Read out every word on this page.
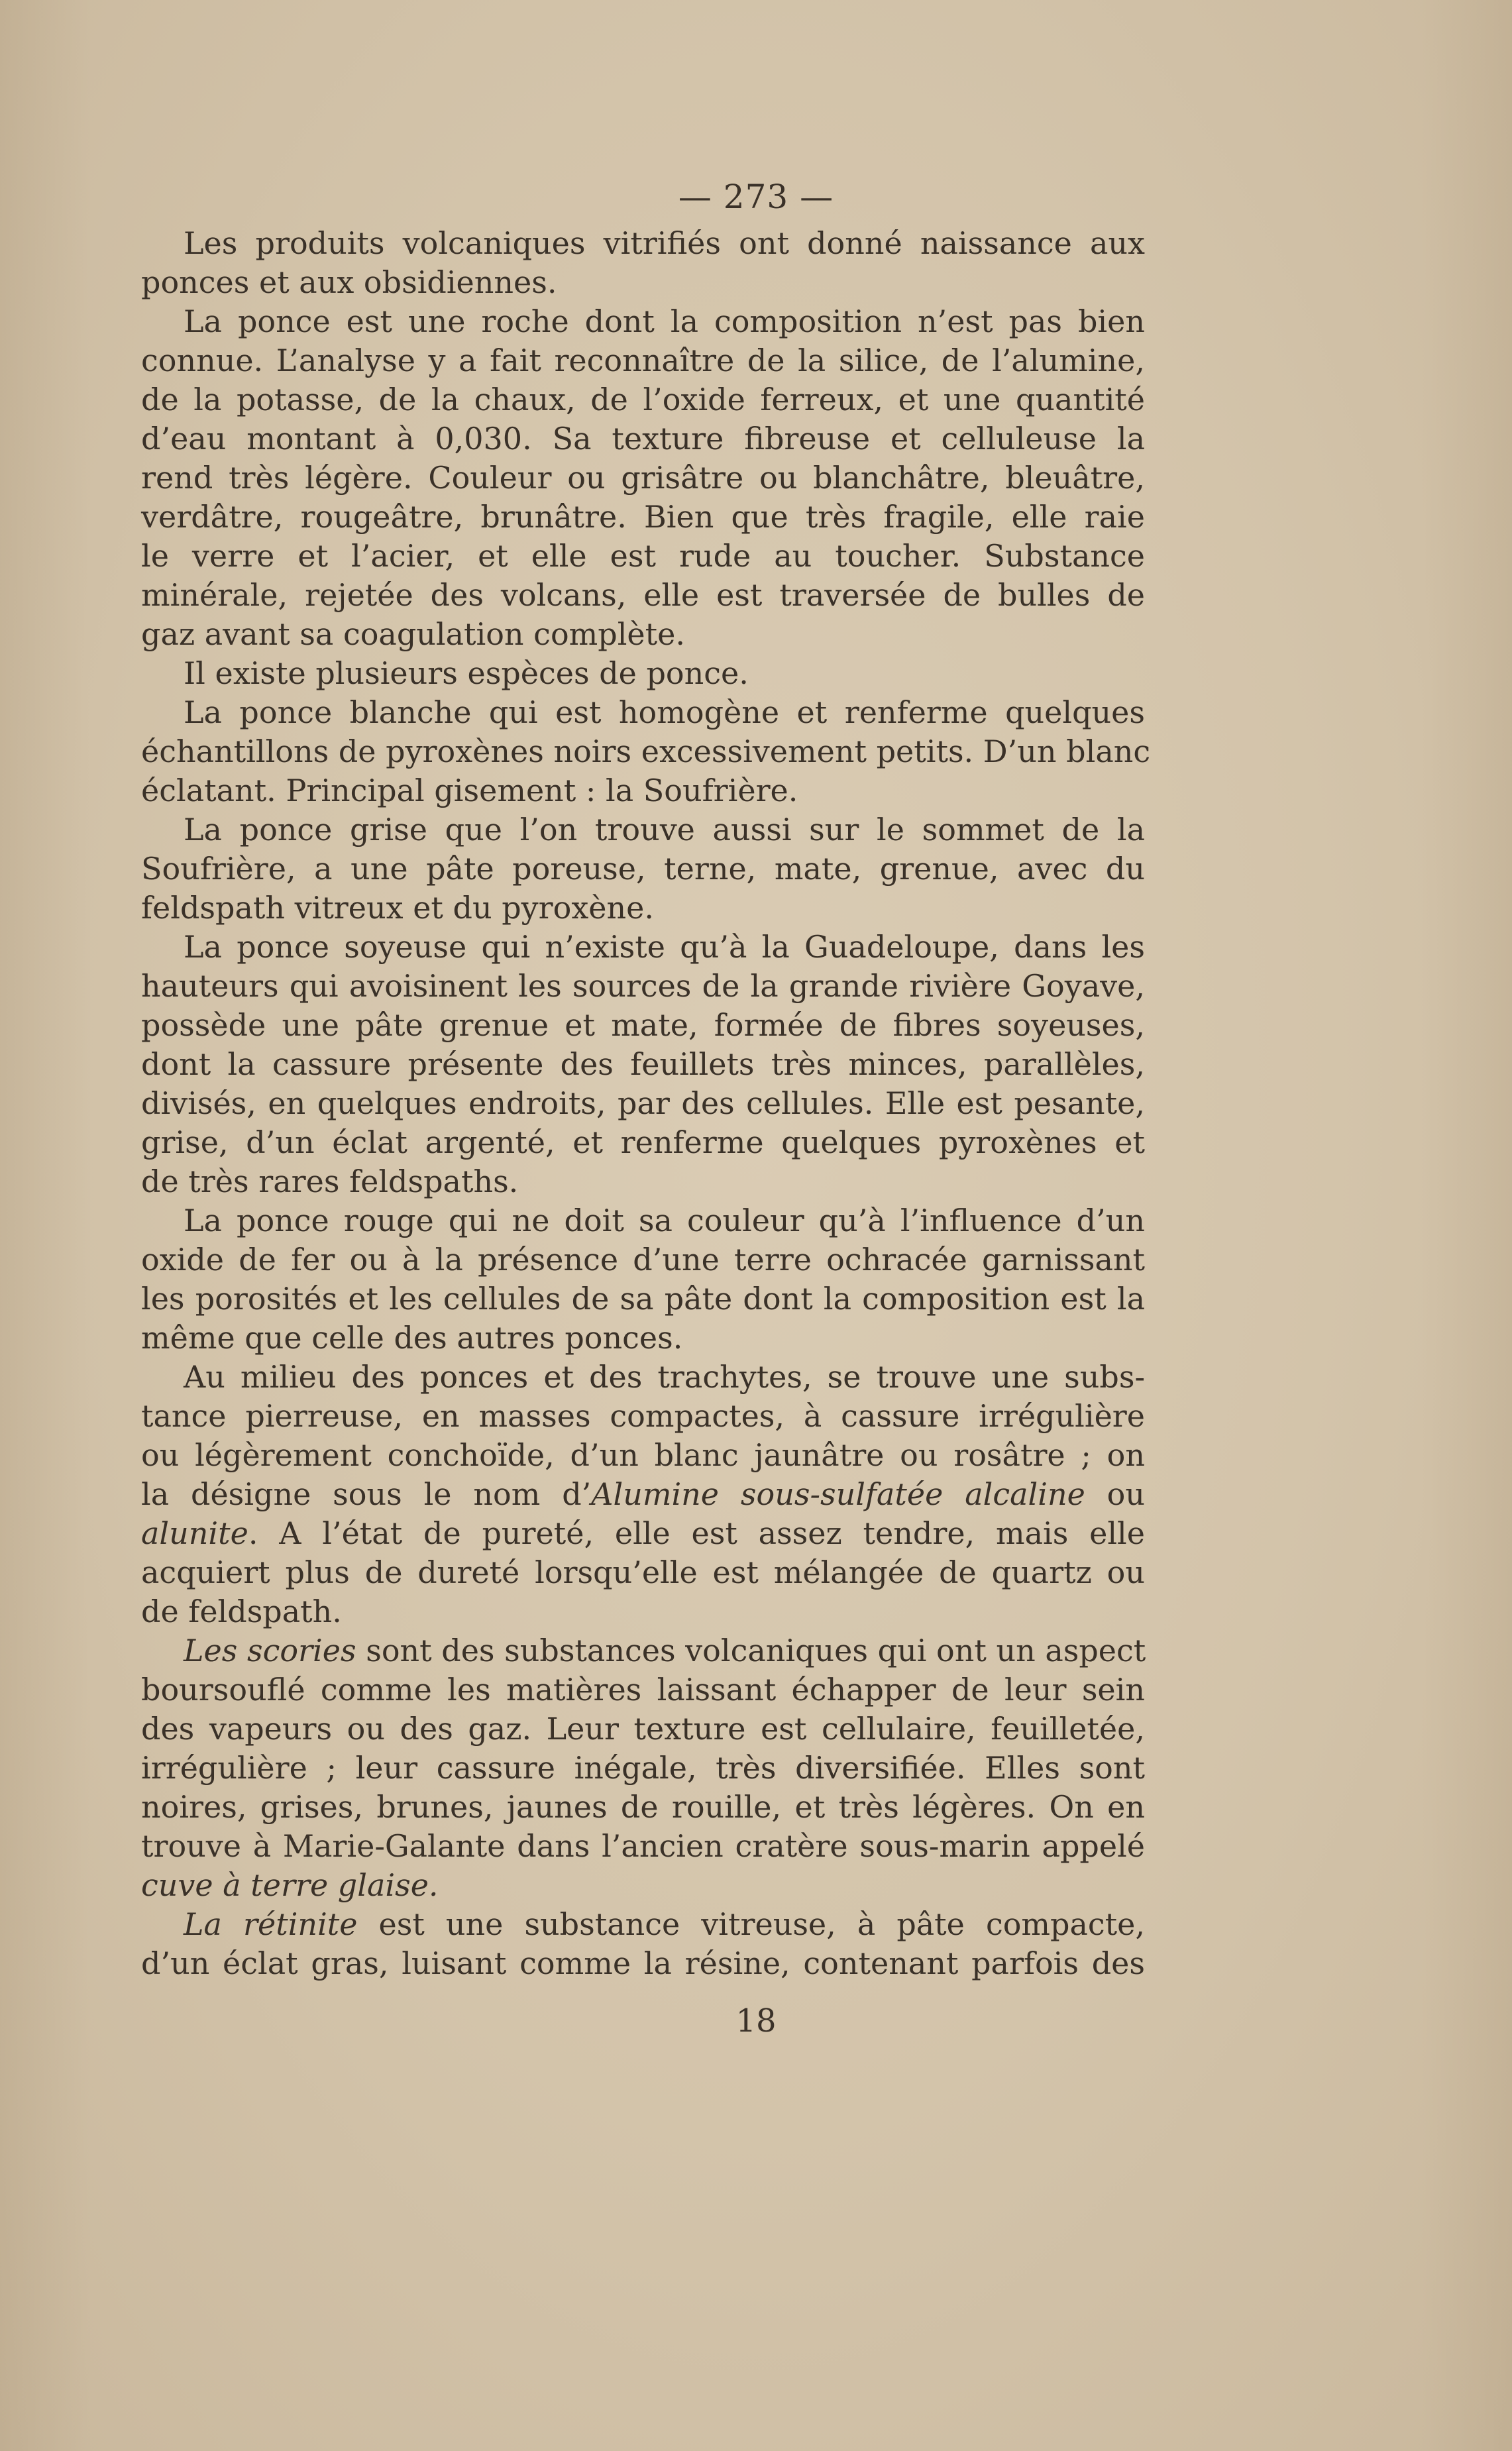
— 273 —
Les produits volcaniques vitrifiés ont donné naissance aux
ponces et aux obsidiennes.
La ponce est une roche dont la composition n’est pas bien
connue. L’analyse y a fait reconnaître de la silice, de l’alumine,
de la potasse, de la chaux, de l’oxide ferreux, et une quantité
d’eau montant à 0,030. Sa texture fibreuse et celluleuse la
rend très légère. Couleur ou grisâtre ou blanchâtre, bleuâtre,
verdâtre, rougeâtre, brunâtre. Bien que très fragile, elle raie
le verre et l’acier, et elle est rude au toucher. Substance
minérale, rejetée des volcans, elle est traversée de bulles de
gaz avant sa coagulation complète.
Il existe plusieurs espèces de ponce.
La ponce blanche qui est homogène et renferme quelques
échantillons de pyroxènes noirs excessivement petits. D’un blanc
éclatant. Principal gisement : la Soufrière.
La ponce grise que l’on trouve aussi sur le sommet de la
Soufrière, a une pâte poreuse, terne, mate, grenue, avec du
feldspath vitreux et du pyroxène.
La ponce soyeuse qui n’existe qu’à la Guadeloupe, dans les
hauteurs qui avoisinent les sources de la grande rivière Goyave,
possède une pâte grenue et mate, formée de fibres soyeuses,
dont la cassure présente des feuillets très minces, parallèles,
divisés, en quelques endroits, par des cellules. Elle est pesante,
grise, d’un éclat argenté, et renferme quelques pyroxènes et
de très rares feldspaths.
La ponce rouge qui ne doit sa couleur qu’à l’influence d’un
oxide de fer ou à la présence d’une terre ochracée garnissant
les porosités et les cellules de sa pâte dont la composition est la
même que celle des autres ponces.
Au milieu des ponces et des trachytes, se trouve une subs-
tance pierreuse, en masses compactes, à cassure irrégulière
ou légèrement conchoïde, d’un blanc jaunâtre ou rosâtre ; on
la désigne sous le nom d’Alumine sous-sulfatée alcaline ou
alunite. A l’état de pureté, elle est assez tendre, mais elle
acquiert plus de dureté lorsqu’elle est mélangée de quartz ou
de feldspath.
Les scories sont des substances volcaniques qui ont un aspect
boursouflé comme les matières laissant échapper de leur sein
des vapeurs ou des gaz. Leur texture est cellulaire, feuilletée,
irrégulière ; leur cassure inégale, très diversifiée. Elles sont
noires, grises, brunes, jaunes de rouille, et très légères. On en
trouve à Marie-Galante dans l’ancien cratère sous-marin appelé
cuve à terre glaise.
La rétinite est une substance vitreuse, à pâte compacte,
d’un éclat gras, luisant comme la résine, contenant parfois des
18
